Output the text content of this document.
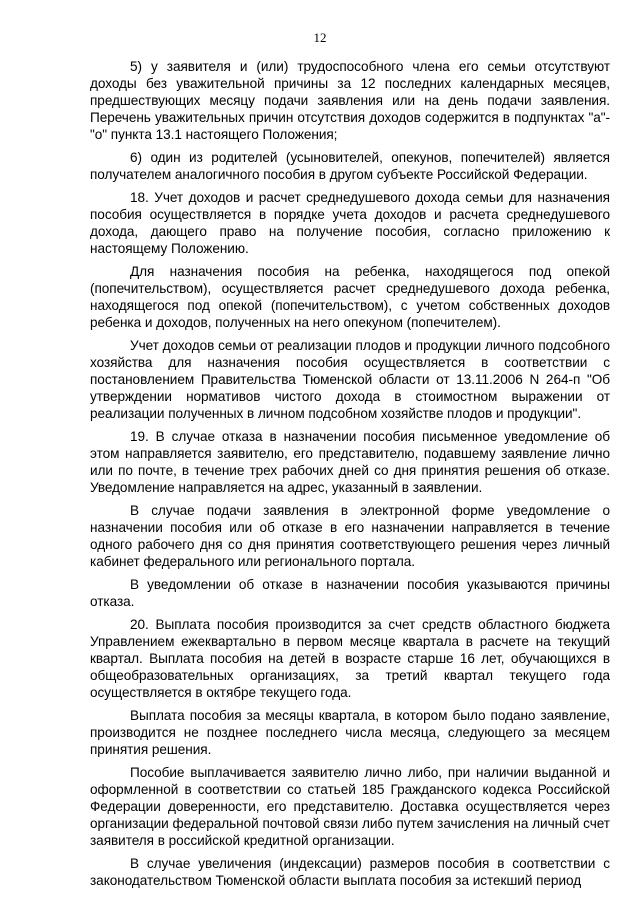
12

5) у заявителя и (или) трудоспособного члена его семьи отсутствуют доходы без уважительной причины за 12 последних календарных месяцев, предшествующих месяцу подачи заявления или на день подачи заявления. Перечень уважительных причин отсутствия доходов содержится в подпунктах "а"-"о" пункта 13.1 настоящего Положения;

6) один из родителей (усыновителей, опекунов, попечителей) является получателем аналогичного пособия в другом субъекте Российской Федерации.

18. Учет доходов и расчет среднедушевого дохода семьи для назначения пособия осуществляется в порядке учета доходов и расчета среднедушевого дохода, дающего право на получение пособия, согласно приложению к настоящему Положению.

Для назначения пособия на ребенка, находящегося под опекой (попечительством), осуществляется расчет среднедушевого дохода ребенка, находящегося под опекой (попечительством), с учетом собственных доходов ребенка и доходов, полученных на него опекуном (попечителем).

Учет доходов семьи от реализации плодов и продукции личного подсобного хозяйства для назначения пособия осуществляется в соответствии с постановлением Правительства Тюменской области от 13.11.2006 N 264-п "Об утверждении нормативов чистого дохода в стоимостном выражении от реализации полученных в личном подсобном хозяйстве плодов и продукции".

19. В случае отказа в назначении пособия письменное уведомление об этом направляется заявителю, его представителю, подавшему заявление лично или по почте, в течение трех рабочих дней со дня принятия решения об отказе. Уведомление направляется на адрес, указанный в заявлении.

В случае подачи заявления в электронной форме уведомление о назначении пособия или об отказе в его назначении направляется в течение одного рабочего дня со дня принятия соответствующего решения через личный кабинет федерального или регионального портала.

В уведомлении об отказе в назначении пособия указываются причины отказа.

20. Выплата пособия производится за счет средств областного бюджета Управлением ежеквартально в первом месяце квартала в расчете на текущий квартал. Выплата пособия на детей в возрасте старше 16 лет, обучающихся в общеобразовательных организациях, за третий квартал текущего года осуществляется в октябре текущего года.

Выплата пособия за месяцы квартала, в котором было подано заявление, производится не позднее последнего числа месяца, следующего за месяцем принятия решения.

Пособие выплачивается заявителю лично либо, при наличии выданной и оформленной в соответствии со статьей 185 Гражданского кодекса Российской Федерации доверенности, его представителю. Доставка осуществляется через организации федеральной почтовой связи либо путем зачисления на личный счет заявителя в российской кредитной организации.

В случае увеличения (индексации) размеров пособия в соответствии с законодательством Тюменской области выплата пособия за истекший период
